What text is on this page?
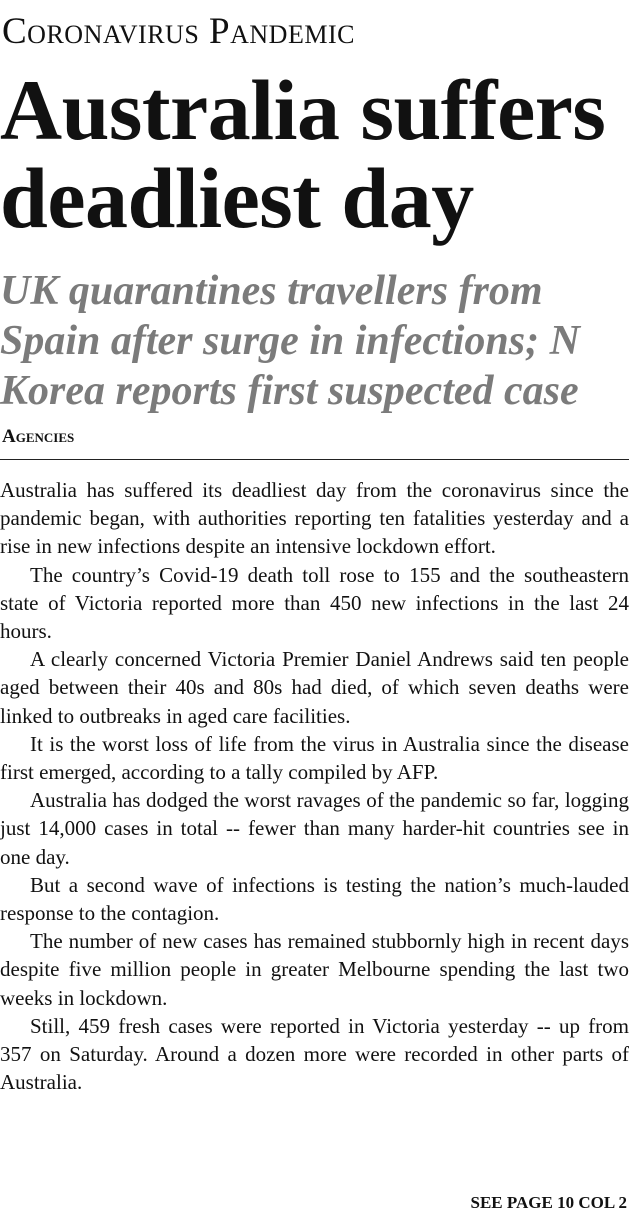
Coronavirus Pandemic
Australia suffers
deadliest day
UK quarantines travellers from
Spain after surge in infections; N
Korea reports first suspected case
Agencies

Australia has suffered its deadliest day from the coronavirus since the pandemic began, with authorities reporting ten fatalities yesterday and a rise in new infections despite an intensive lockdown effort.

The country’s Covid-19 death toll rose to 155 and the southeastern state of Victoria reported more than 450 new infections in the last 24 hours.

A clearly concerned Victoria Premier Daniel Andrews said ten people aged between their 40s and 80s had died, of which seven deaths were linked to outbreaks in aged care facilities.

It is the worst loss of life from the virus in Australia since the disease first emerged, according to a tally compiled by AFP.

Australia has dodged the worst ravages of the pandemic so far, logging just 14,000 cases in total -- fewer than many harder-hit countries see in one day.

But a second wave of infections is testing the nation’s much-lauded response to the contagion.

The number of new cases has remained stubbornly high in recent days despite five million people in greater Melbourne spending the last two weeks in lockdown.

Still, 459 fresh cases were reported in Victoria yesterday -- up from 357 on Saturday. Around a dozen more were recorded in other parts of Australia.

SEE PAGE 10 COL 2
